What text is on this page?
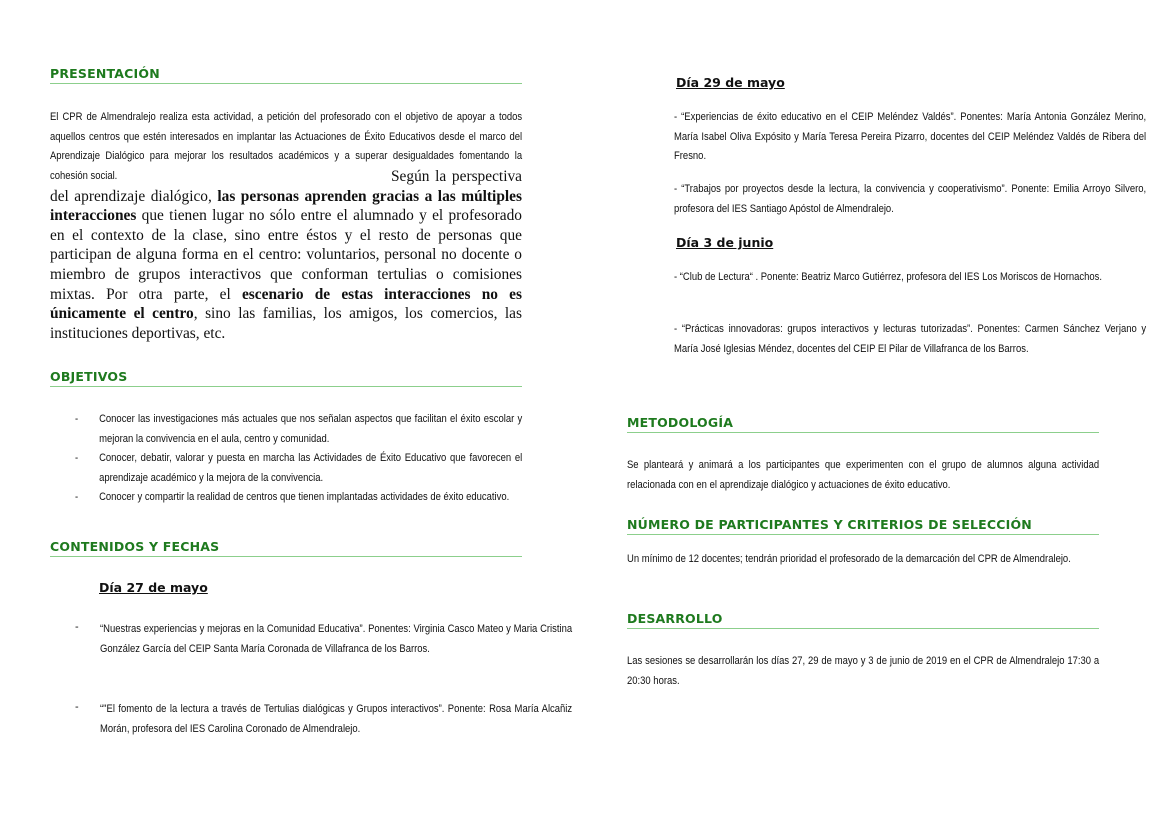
PRESENTACIÓN
El CPR de Almendralejo realiza esta actividad, a petición del profesorado con el objetivo de apoyar a todos aquellos centros que estén interesados en implantar las Actuaciones de Éxito Educativos desde el marco del Aprendizaje Dialógico para mejorar los resultados académicos y a superar desigualdades fomentando la cohesión social.	Según la perspectiva del aprendizaje dialógico, las personas aprenden gracias a las múltiples interacciones que tienen lugar no sólo entre el alumnado y el profesorado en el contexto de la clase, sino entre éstos y el resto de personas que participan de alguna forma en el centro: voluntarios, personal no docente o miembro de grupos interactivos que conforman tertulias o comisiones mixtas. Por otra parte, el escenario de estas interacciones no es únicamente el centro, sino las familias, los amigos, los comercios, las instituciones deportivas, etc.
OBJETIVOS
- Conocer las investigaciones más actuales que nos señalan aspectos que facilitan el éxito escolar y mejoran la convivencia en el aula, centro y comunidad.
- Conocer, debatir, valorar y puesta en marcha las Actividades de Éxito Educativo que favorecen el aprendizaje académico y la mejora de la convivencia.
- Conocer y compartir la realidad de centros que tienen implantadas actividades de éxito educativo.
CONTENIDOS Y FECHAS
Día 27 de mayo
- “Nuestras experiencias y mejoras en la Comunidad Educativa”. Ponentes: Virginia Casco Mateo y Maria Cristina González García del CEIP Santa María Coronada de Villafranca de los Barros.
- “"El fomento de la lectura a través de Tertulias dialógicas y Grupos interactivos”. Ponente: Rosa María Alcañiz Morán, profesora del IES Carolina Coronado de Almendralejo.
Día 29 de mayo
- “Experiencias de éxito educativo en el CEIP Meléndez Valdés”. Ponentes: María Antonia González Merino, María Isabel Oliva Expósito y María Teresa Pereira Pizarro, docentes del CEIP Meléndez Valdés de Ribera del Fresno.
- “Trabajos por proyectos desde la lectura, la convivencia y cooperativismo”. Ponente: Emilia Arroyo Silvero, profesora del IES Santiago Apóstol de Almendralejo.
Día 3 de junio
- “Club de Lectura“ . Ponente: Beatriz Marco Gutiérrez, profesora del IES Los Moriscos de Hornachos.
- “Prácticas innovadoras: grupos interactivos y lecturas tutorizadas”. Ponentes: Carmen Sánchez Verjano y María José Iglesias Méndez, docentes del CEIP El Pilar de Villafranca de los Barros.
METODOLOGÍA
Se planteará y animará a los participantes que experimenten con el grupo de alumnos alguna actividad relacionada con en el aprendizaje dialógico y actuaciones de éxito educativo.
NÚMERO DE PARTICIPANTES Y CRITERIOS DE SELECCIÓN
Un mínimo de 12 docentes; tendrán prioridad el profesorado de la demarcación del CPR de Almendralejo.
DESARROLLO
Las sesiones se desarrollarán los días 27, 29 de mayo y 3 de junio de 2019 en el CPR de Almendralejo 17:30 a 20:30 horas.
